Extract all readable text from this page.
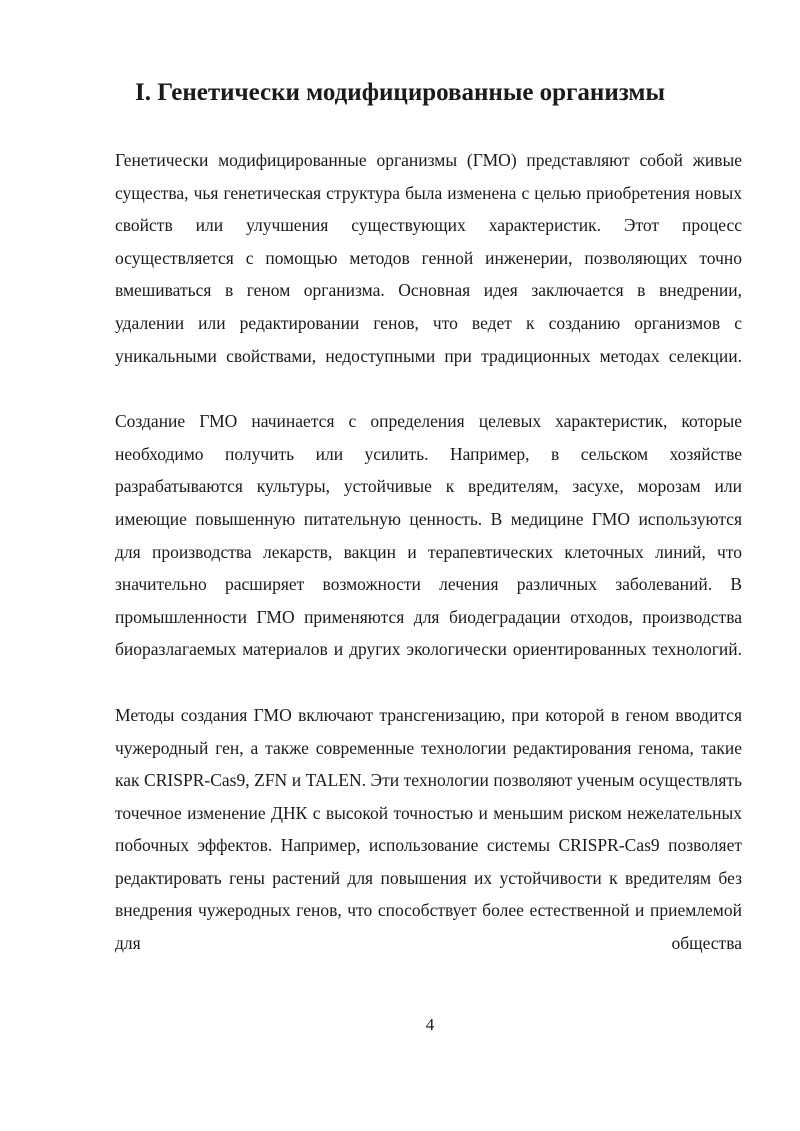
I. Генетически модифицированные организмы

Генетически модифицированные организмы (ГМО) представляют собой живые существа, чья генетическая структура была изменена с целью приобретения новых свойств или улучшения существующих характеристик. Этот процесс осуществляется с помощью методов генной инженерии, позволяющих точно вмешиваться в геном организма. Основная идея заключается в внедрении, удалении или редактировании генов, что ведет к созданию организмов с уникальными свойствами, недоступными при традиционных методах селекции.

Создание ГМО начинается с определения целевых характеристик, которые необходимо получить или усилить. Например, в сельском хозяйстве разрабатываются культуры, устойчивые к вредителям, засухе, морозам или имеющие повышенную питательную ценность. В медицине ГМО используются для производства лекарств, вакцин и терапевтических клеточных линий, что значительно расширяет возможности лечения различных заболеваний. В промышленности ГМО применяются для биодеградации отходов, производства биоразлагаемых материалов и других экологически ориентированных технологий.

Методы создания ГМО включают трансгенизацию, при которой в геном вводится чужеродный ген, а также современные технологии редактирования генома, такие как CRISPR-Cas9, ZFN и TALEN. Эти технологии позволяют ученым осуществлять точечное изменение ДНК с высокой точностью и меньшим риском нежелательных побочных эффектов. Например, использование системы CRISPR-Cas9 позволяет редактировать гены растений для повышения их устойчивости к вредителям без внедрения чужеродных генов, что способствует более естественной и приемлемой для общества

4
